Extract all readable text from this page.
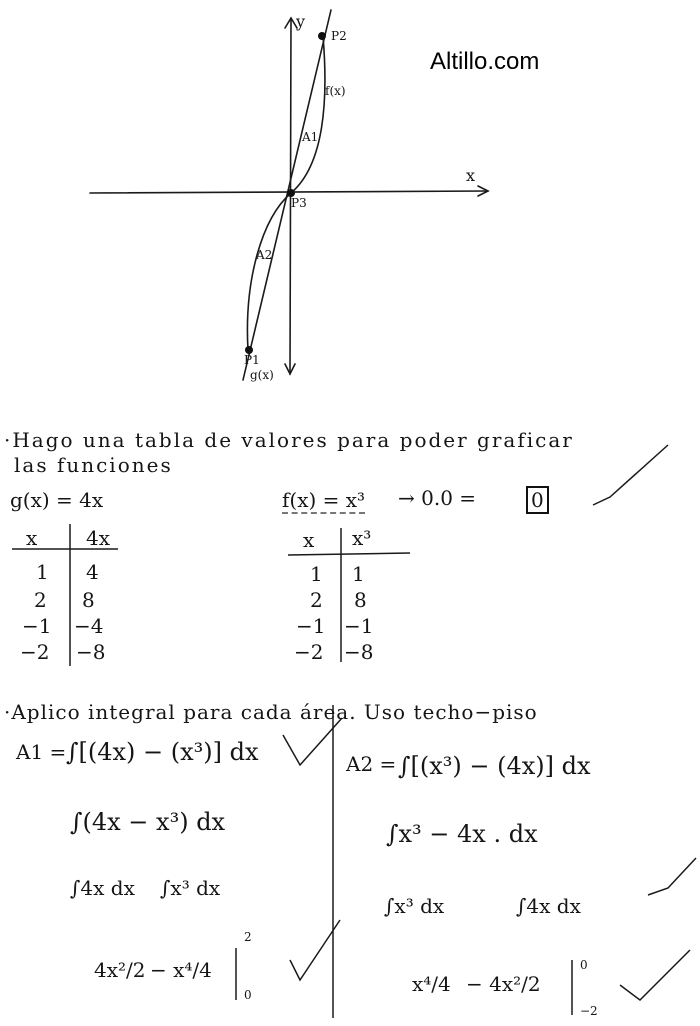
Altillo.com
y
x
P2
P3
P1
f(x)
g(x)
A1
A2
·Hago una tabla de valores para poder graficar
las funciones
g(x) = 4x	f(x) = x³ → 0.0 =	0
x 4x
1 4
2 8
−1 −4
−2 −8
x x³
1 1
2 8
−1 −1
−2 −8
·Aplico integral para cada área. Uso techo−piso
A1 = ∫[(4x) − (x³)] dx
∫(4x − x³) dx
∫4x dx ∫x³ dx
4x²/2 − x⁴/4
2
0
A2 = ∫[(x³) − (4x)] dx
∫x³ − 4x . dx
∫x³ dx	∫4x dx
x⁴/4 − 4x²/2
0
−2
